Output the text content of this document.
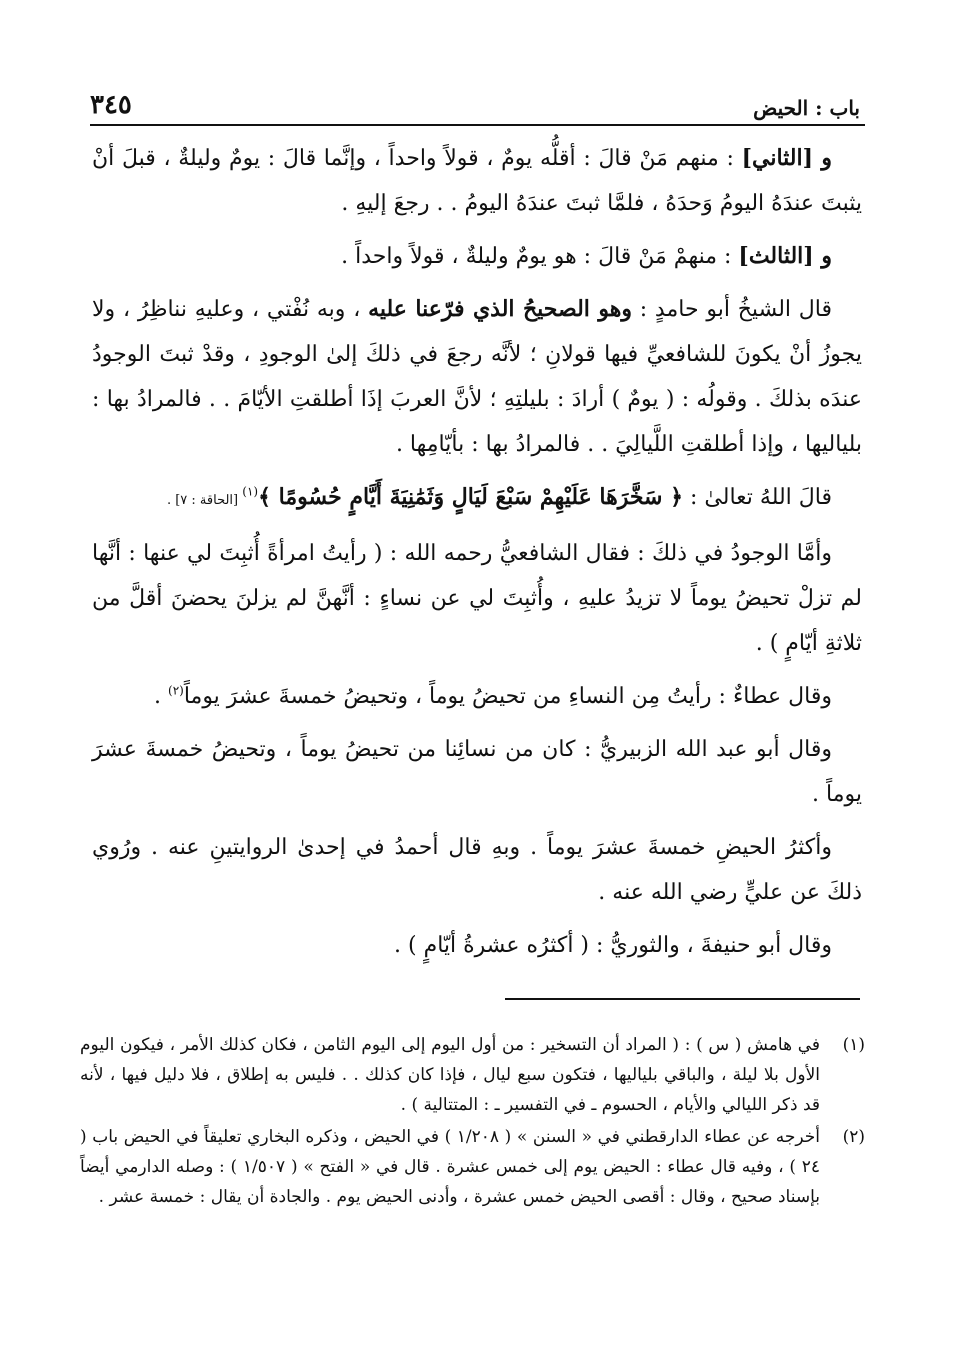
باب : الحيض
٣٤٥

و [الثاني] : منهم مَنْ قالَ : أقلُّه يومٌ ، قولاً واحداً ، وإنَّما قالَ : يومٌ وليلةٌ ، قبلَ أنْ يثبتَ عندَهُ اليومُ وَحدَهُ ، فلمَّا ثبتَ عندَهُ اليومُ . . رجعَ إليهِ .

و [الثالث] : منهمْ مَنْ قالَ : هو يومٌ وليلةٌ ، قولاً واحداً .

قال الشيخُ أبو حامدٍ : وهو الصحيحُ الذي فرّعنا عليه ، وبه نُفْتي ، وعليهِ نناظِرُ ، ولا يجوزُ أنْ يكونَ للشافعيِّ فيها قولانِ ؛ لأنَّه رجعَ في ذلكَ إلىٰ الوجودِ ، وقدْ ثبتَ الوجودُ عندَه بذلكَ . وقولُه : ( يومٌ ) أرادَ : بليلتِهِ ؛ لأنَّ العربَ إذَا أطلقتِ الأيّامَ . . فالمرادُ بها : بلياليها ، وإذا أطلقتِ اللَّيالِيَ . . فالمرادُ بها : بأيّامِها .

قالَ اللهُ تعالىٰ : ﴿ سَخَّرَهَا عَلَيْهِمْ سَبْعَ لَيَالٍ وَثَمَٰنِيَةَ أَيَّامٍ حُسُومًا ﴾$^{(١)}$ [الحاقة : ٧] .

وأمَّا الوجودُ في ذلكَ : فقال الشافعيُّ رحمه الله : ( رأيتُ امرأةً أُثبِتَ لي عنها : أنَّها لم تزلْ تحيضُ يوماً لا تزيدُ عليهِ ، وأُثبِتَ لي عن نساءٍ : أنَّهنَّ لم يزلنَ يحضنَ أقلَّ من ثلاثةِ أيّامٍ ) .

وقال عطاءٌ : رأيتُ مِن النساءِ من تحيضُ يوماً ، وتحيضُ خمسةَ عشرَ يوماً$^{(٢)}$ .

وقال أبو عبد الله الزبيريُّ : كان من نسائِنا من تحيضُ يوماً ، وتحيضُ خمسةَ عشرَ يوماً .

وأكثرُ الحيضِ خمسةَ عشرَ يوماً . وبهِ قال أحمدُ في إحدىٰ الروايتينِ عنه . ورُوي ذلكَ عن عليٍّ رضي الله عنه .

وقال أبو حنيفةَ ، والثوريُّ : ( أكثرُه عشرةُ أيّامٍ ) .

(١)
في هامش ( س ) : ( المراد أن التسخير : من أول اليوم إلى اليوم الثامن ، فكان كذلك الأمر ، فيكون اليوم الأول بلا ليلة ، والباقي بلياليها ، فتكون سبع ليال ، فإذا كان كذلك . . فليس به إطلاق ، فلا دليل فيها ، لأنه قد ذكر الليالي والأيام ، الحسوم ـ في التفسير ـ : المتتالية ) .
(٢)
أخرجه عن عطاء الدارقطني في « السنن » ( ١/٢٠٨ ) في الحيض ، وذكره البخاري تعليقاً في الحيض باب ( ٢٤ ) ، وفيه قال عطاء : الحيض يوم إلى خمس عشرة . قال في « الفتح » ( ١/٥٠٧ ) : وصله الدارمي أيضاً بإسناد صحيح ، وقال : أقصى الحيض خمس عشرة ، وأدنى الحيض يوم . والجادة أن يقال : خمسة عشر .
